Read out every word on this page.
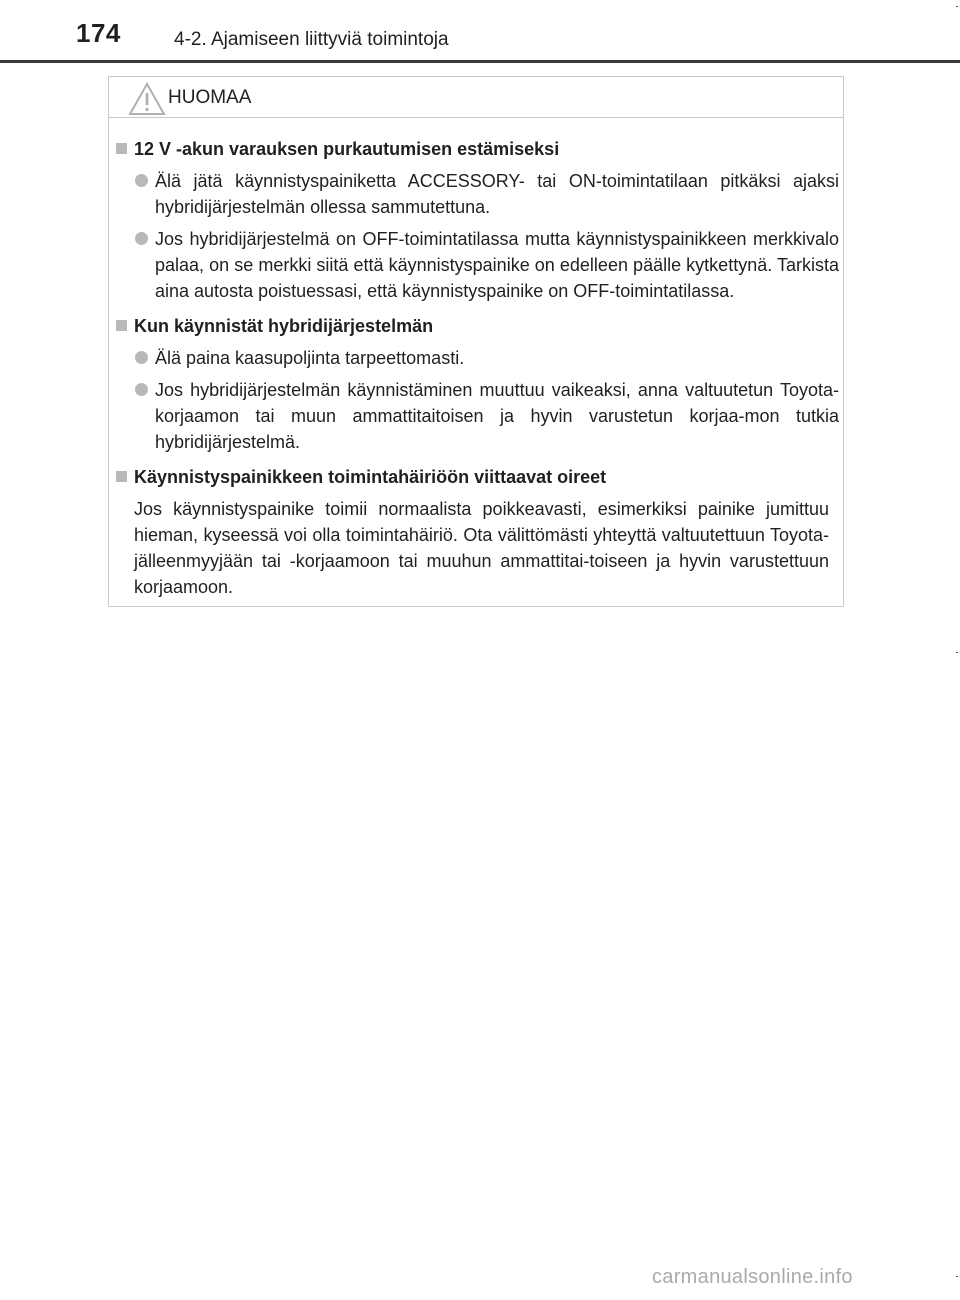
174	4-2. Ajamiseen liittyviä toimintoja
HUOMAA
12 V -akun varauksen purkautumisen estämiseksi
Älä jätä käynnistyspainiketta ACCESSORY- tai ON-toimintatilaan pitkäksi ajaksi hybridijärjestelmän ollessa sammutettuna.
Jos hybridijärjestelmä on OFF-toimintatilassa mutta käynnistyspainikkeen merkkivalo palaa, on se merkki siitä että käynnistyspainike on edelleen päälle kytkettynä. Tarkista aina autosta poistuessasi, että käynnistyspainike on OFF-toimintatilassa.
Kun käynnistät hybridijärjestelmän
Älä paina kaasupoljinta tarpeettomasti.
Jos hybridijärjestelmän käynnistäminen muuttuu vaikeaksi, anna valtuutetun Toyota-korjaamon tai muun ammattitaitoisen ja hyvin varustetun korjaa-mon tutkia hybridijärjestelmä.
Käynnistyspainikkeen toimintahäiriöön viittaavat oireet
Jos käynnistyspainike toimii normaalista poikkeavasti, esimerkiksi painike jumittuu hieman, kyseessä voi olla toimintahäiriö. Ota välittömästi yhteyttä valtuutettuun Toyota-jälleenmyyjään tai -korjaamoon tai muuhun ammattitai-toiseen ja hyvin varustettuun korjaamoon.
carmanualsonline.info
